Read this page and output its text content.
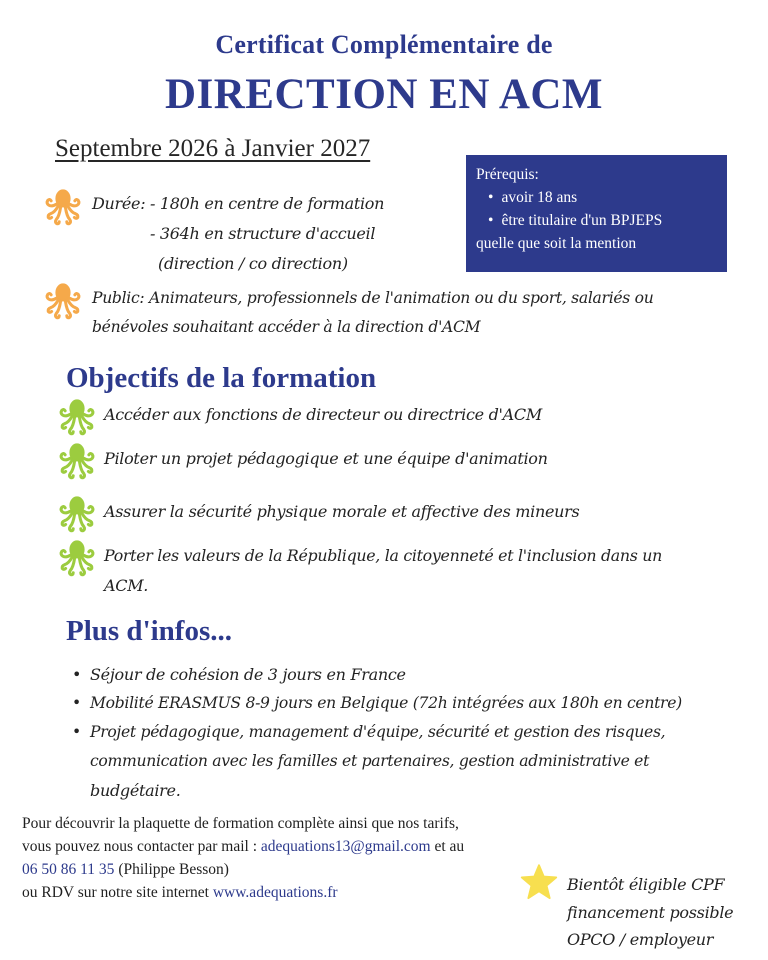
Certificat Complémentaire de
DIRECTION EN ACM
Septembre 2026 à Janvier 2027
Prérequis:
• avoir 18 ans
• être titulaire d'un BPJEPS
quelle que soit la mention
Durée: - 180h en centre de formation
- 364h en structure d'accueil
(direction / co direction)
Public: Animateurs, professionnels de l'animation ou du sport, salariés ou
bénévoles souhaitant accéder à la direction d'ACM
Objectifs de la formation
Accéder aux fonctions de directeur ou directrice d'ACM
Piloter un projet pédagogique et une équipe d'animation
Assurer la sécurité physique morale et affective des mineurs
Porter les valeurs de la République, la citoyenneté et l'inclusion dans un
ACM.
Plus d'infos...
• Séjour de cohésion de 3 jours en France
• Mobilité ERASMUS 8-9 jours en Belgique (72h intégrées aux 180h en centre)
• Projet pédagogique, management d'équipe, sécurité et gestion des risques,
communication avec les familles et partenaires, gestion administrative et
budgétaire.
Pour découvrir la plaquette de formation complète ainsi que nos tarifs,
vous pouvez nous contacter par mail : adequations13@gmail.com et au
06 50 86 11 35 (Philippe Besson)
ou RDV sur notre site internet www.adequations.fr	Bientôt éligible CPF
financement possible
OPCO / employeur
